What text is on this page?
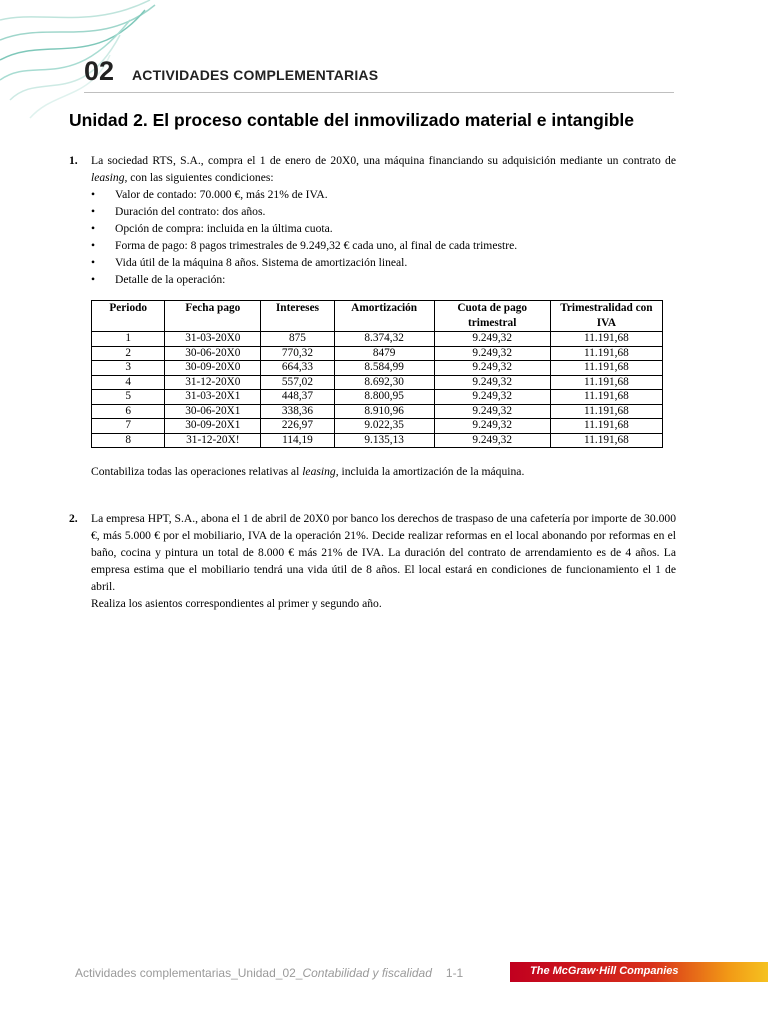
02 ACTIVIDADES COMPLEMENTARIAS
Unidad 2. El proceso contable del inmovilizado material e intangible
1. La sociedad RTS, S.A., compra el 1 de enero de 20X0, una máquina financiando su adquisición mediante un contrato de leasing, con las siguientes condiciones:

• Valor de contado: 70.000 €, más 21% de IVA.
• Duración del contrato: dos años.
• Opción de compra: incluida en la última cuota.
• Forma de pago: 8 pagos trimestrales de 9.249,32 € cada uno, al final de cada trimestre.
• Vida útil de la máquina 8 años. Sistema de amortización lineal.
• Detalle de la operación:
Periodo	Fecha pago	Intereses	Amortización	Cuota de pago trimestral	Trimestralidad con IVA
1	31-03-20X0	875	8.374,32	9.249,32	11.191,68
2	30-06-20X0	770,32	8479	9.249,32	11.191,68
3	30-09-20X0	664,33	8.584,99	9.249,32	11.191,68
4	31-12-20X0	557,02	8.692,30	9.249,32	11.191,68
5	31-03-20X1	448,37	8.800,95	9.249,32	11.191,68
6	30-06-20X1	338,36	8.910,96	9.249,32	11.191,68
7	30-09-20X1	226,97	9.022,35	9.249,32	11.191,68
8	31-12-20X!	114,19	9.135,13	9.249,32	11.191,68

Contabiliza todas las operaciones relativas al leasing, incluida la amortización de la máquina.

2. La empresa HPT, S.A., abona el 1 de abril de 20X0 por banco los derechos de traspaso de una cafetería por importe de 30.000 €, más 5.000 € por el mobiliario, IVA de la operación 21%. Decide realizar reformas en el local abonando por reformas en el baño, cocina y pintura un total de 8.000 € más 21% de IVA. La duración del contrato de arrendamiento es de 4 años. La empresa estima que el mobiliario tendrá una vida útil de 8 años. El local estará en condiciones de funcionamiento el 1 de abril.

Realiza los asientos correspondientes al primer y segundo año.

Actividades complementarias_Unidad_02_Contabilidad y fiscalidad 1-1	The McGraw·Hill Companies
